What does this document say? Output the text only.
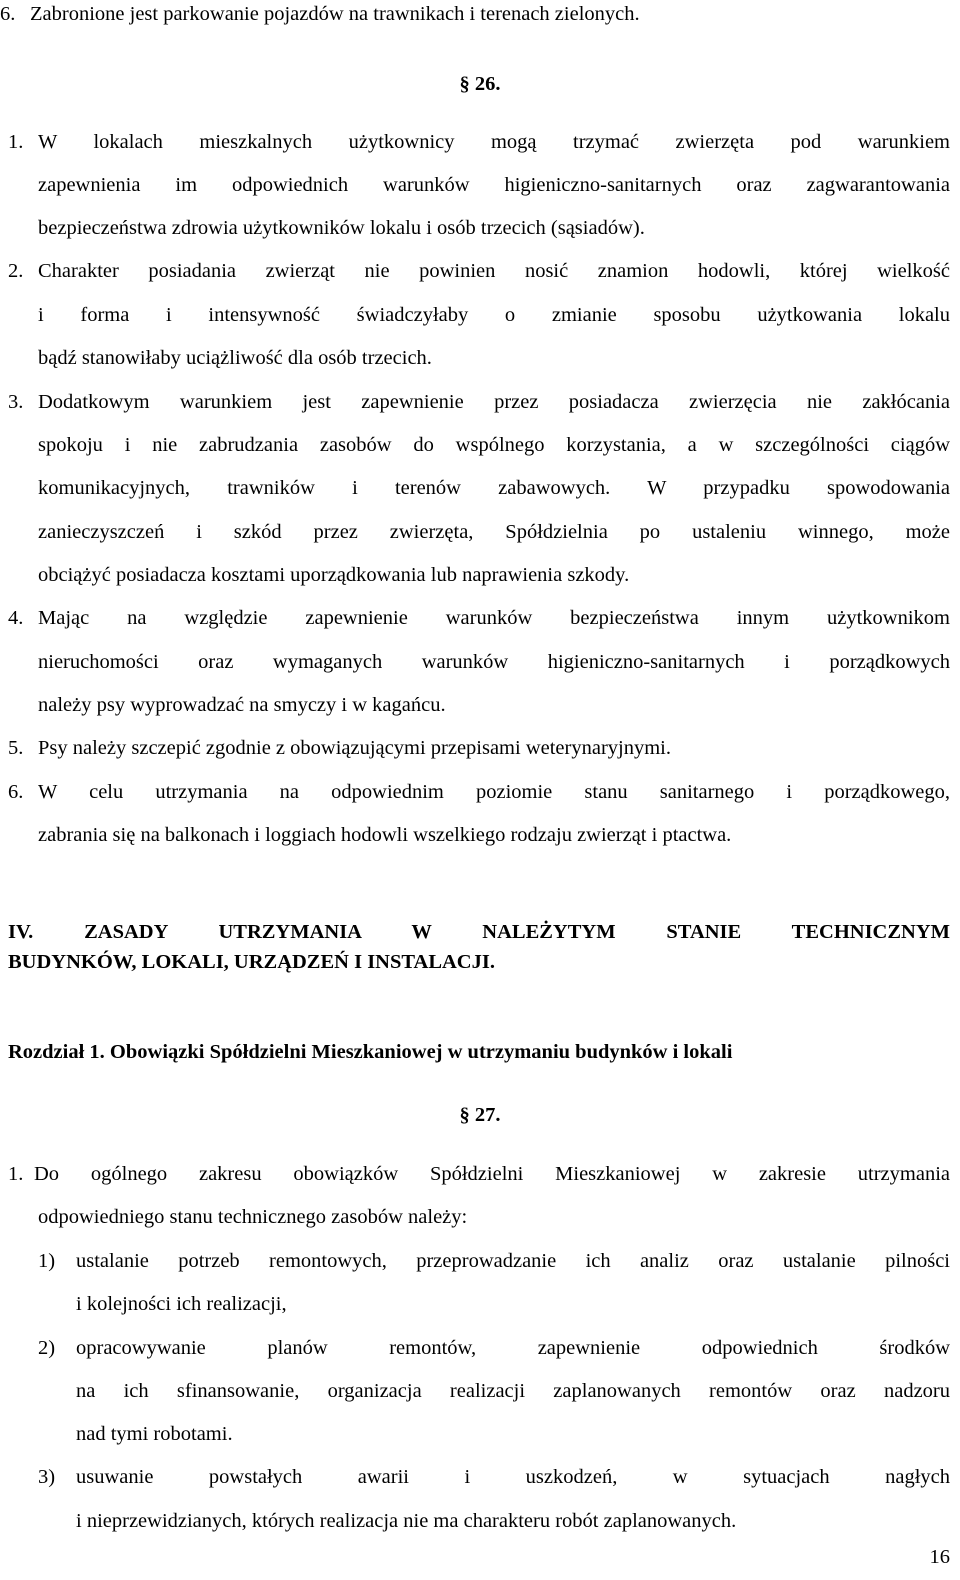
6. Zabronione jest parkowanie pojazdów na trawnikach i terenach zielonych.
§ 26.
1. W lokalach mieszkalnych użytkownicy mogą trzymać zwierzęta pod warunkiem
zapewnienia im odpowiednich warunków higieniczno-sanitarnych oraz zagwarantowania
bezpieczeństwa zdrowia użytkowników lokalu i osób trzecich (sąsiadów).
2. Charakter posiadania zwierząt nie powinien nosić znamion hodowli, której wielkość
i forma i intensywność świadczyłaby o zmianie sposobu użytkowania lokalu
bądź stanowiłaby uciążliwość dla osób trzecich.
3. Dodatkowym warunkiem jest zapewnienie przez posiadacza zwierzęcia nie zakłócania
spokoju i nie zabrudzania zasobów do wspólnego korzystania, a w szczególności ciągów
komunikacyjnych, trawników i terenów zabawowych. W przypadku spowodowania
zanieczyszczeń i szkód przez zwierzęta, Spółdzielnia po ustaleniu winnego, może
obciążyć posiadacza kosztami uporządkowania lub naprawienia szkody.
4. Mając na względzie zapewnienie warunków bezpieczeństwa innym użytkownikom
nieruchomości oraz wymaganych warunków higieniczno-sanitarnych i porządkowych
należy psy wyprowadzać na smyczy i w kagańcu.
5. Psy należy szczepić zgodnie z obowiązującymi przepisami weterynaryjnymi.
6. W celu utrzymania na odpowiednim poziomie stanu sanitarnego i porządkowego,
zabrania się na balkonach i loggiach hodowli wszelkiego rodzaju zwierząt i ptactwa.
IV. ZASADY UTRZYMANIA W NALEŻYTYM STANIE TECHNICZNYM
BUDYNKÓW, LOKALI, URZĄDZEŃ I INSTALACJI.
Rozdział 1. Obowiązki Spółdzielni Mieszkaniowej w utrzymaniu budynków i lokali
§ 27.
1. Do ogólnego zakresu obowiązków Spółdzielni Mieszkaniowej w zakresie utrzymania
odpowiedniego stanu technicznego zasobów należy:
1) ustalanie potrzeb remontowych, przeprowadzanie ich analiz oraz ustalanie pilności
i kolejności ich realizacji,
2) opracowywanie planów remontów, zapewnienie odpowiednich środków
na ich sfinansowanie, organizacja realizacji zaplanowanych remontów oraz nadzoru
nad tymi robotami.
3) usuwanie powstałych awarii i uszkodzeń, w sytuacjach nagłych
i nieprzewidzianych, których realizacja nie ma charakteru robót zaplanowanych.
16
